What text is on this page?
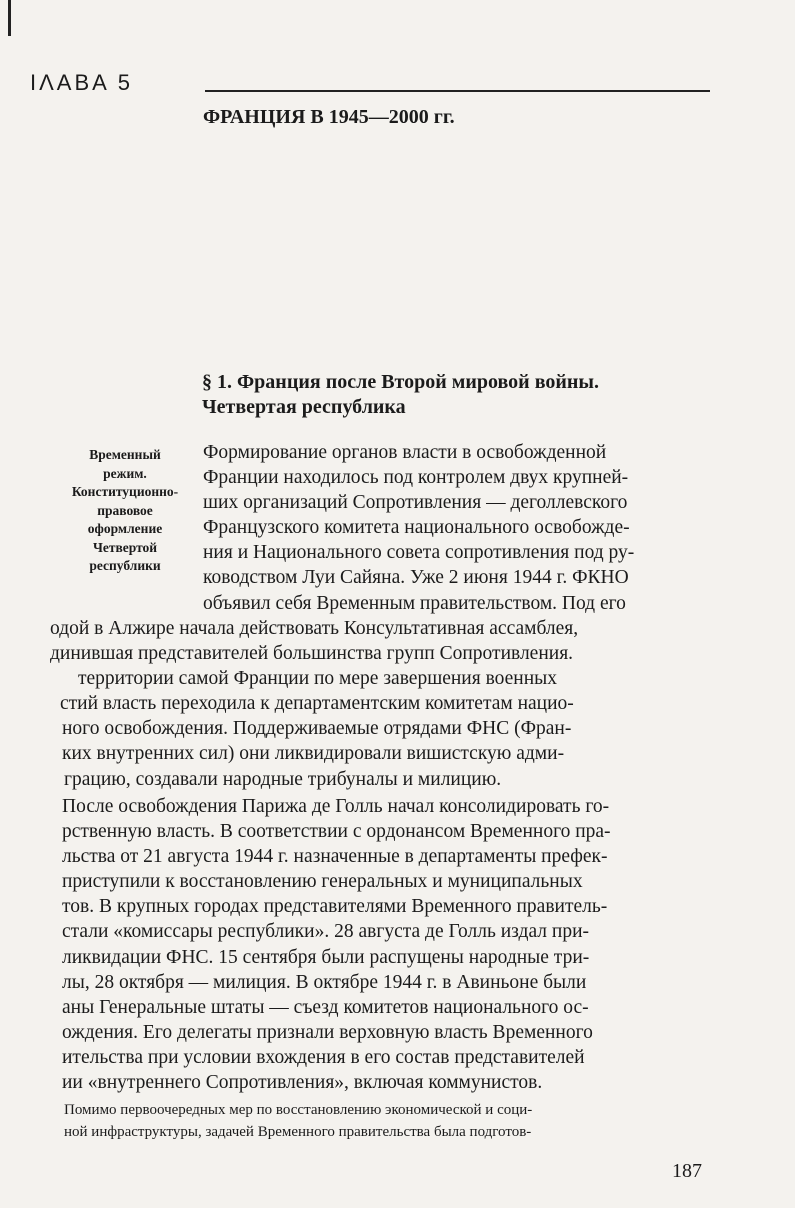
ΙΛΑΒΑ 5
ФРАНЦИЯ В 1945—2000 гг.
§ 1. Франция после Второй мировой войны.
Четвертая республика
Временный
режим.
Конституционно-
правовое
оформление
Четвертой
республики
Формирование органов власти в освобожденной
Франции находилось под контролем двух крупней-
ших организаций Сопротивления — деголлевского
Французского комитета национального освобожде-
ния и Национального совета сопротивления под ру-
ководством Луи Сайяна. Уже 2 июня 1944 г. ФКНО
объявил себя Временным правительством. Под его
одой в Алжире начала действовать Консультативная ассамблея,
динившая представителей большинства групп Сопротивления.
территории самой Франции по мере завершения военных
стий власть переходила к департаментским комитетам нацио-
ного освобождения. Поддерживаемые отрядами ФНС (Фран-
ких внутренних сил) они ликвидировали вишистскую адми-
грацию, создавали народные трибуналы и милицию.
После освобождения Парижа де Голль начал консолидировать го-
рственную власть. В соответствии с ордонансом Временного пра-
льства от 21 августа 1944 г. назначенные в департаменты префек-
приступили к восстановлению генеральных и муниципальных
тов. В крупных городах представителями Временного правитель-
стали «комиссары республики». 28 августа де Голль издал при-
ликвидации ФНС. 15 сентября были распущены народные три-
лы, 28 октября — милиция. В октябре 1944 г. в Авиньоне были
аны Генеральные штаты — съезд комитетов национального ос-
ождения. Его делегаты признали верховную власть Временного
ительства при условии вхождения в его состав представителей
ии «внутреннего Сопротивления», включая коммунистов.
Помимо первоочередных мер по восстановлению экономической и соци-
ной инфраструктуры, задачей Временного правительства была подготов-
187
